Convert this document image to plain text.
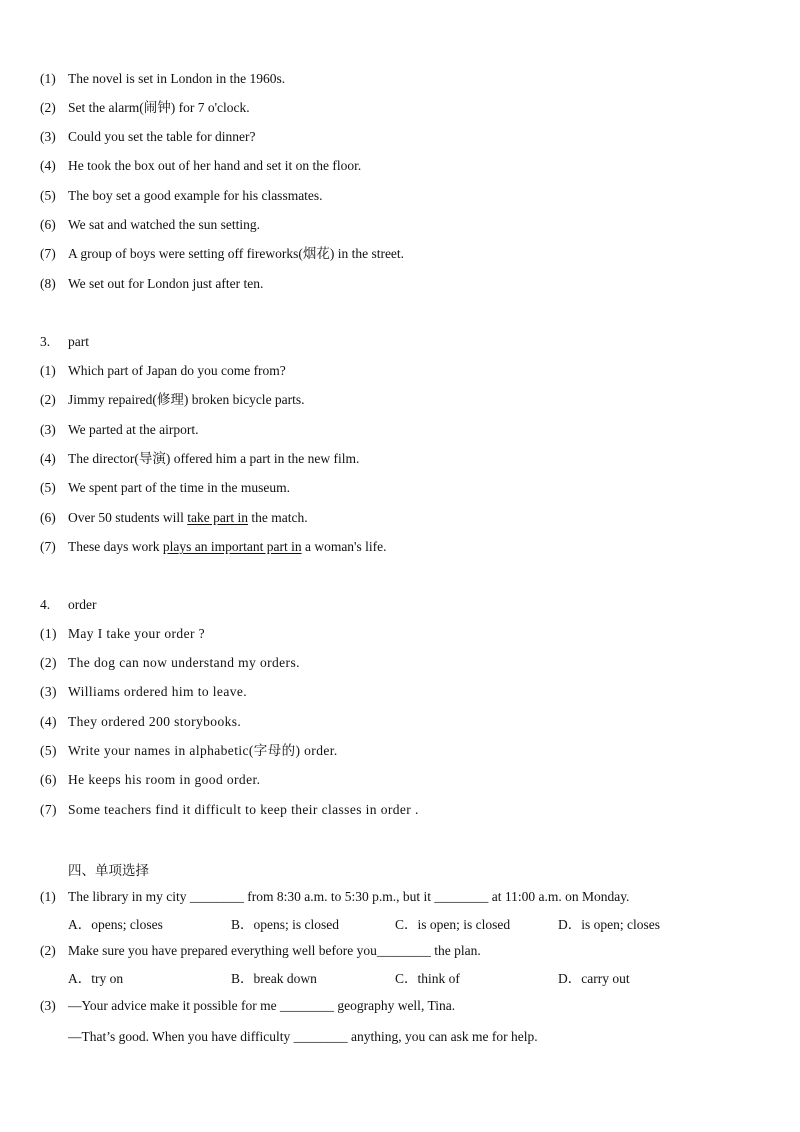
(1) The novel is set in London in the 1960s.
(2) Set the alarm(闹钟) for 7 o'clock.
(3) Could you set the table for dinner?
(4) He took the box out of her hand and set it on the floor.
(5) The boy set a good example for his classmates.
(6) We sat and watched the sun setting.
(7) A group of boys were setting off fireworks(烟花) in the street.
(8) We set out for London just after ten.
3. part
(1) Which part of Japan do you come from?
(2) Jimmy repaired(修理) broken bicycle parts.
(3) We parted at the airport.
(4) The director(导演) offered him a part in the new film.
(5) We spent part of the time in the museum.
(6) Over 50 students will take part in the match.
(7) These days work plays an important part in a woman's life.
4. order
(1) May I take your order ?
(2) The dog can now understand my orders.
(3) Williams ordered him to leave.
(4) They ordered 200 storybooks.
(5) Write your names in alphabetic(字母的) order.
(6) He keeps his room in good order.
(7) Some teachers find it difficult to keep their classes in order .
四、单项选择
(1) The library in my city ________ from 8:30 a.m. to 5:30 p.m., but it ________ at 11:00 a.m. on Monday.
A．opens; closes	B．opens; is closed	C．is open; is closed	D．is open; closes
(2) Make sure you have prepared everything well before you________ the plan.
A．try on	B．break down	C．think of	D．carry out
(3) —Your advice make it possible for me ________ geography well, Tina.
—That’s good. When you have difficulty ________ anything, you can ask me for help.
